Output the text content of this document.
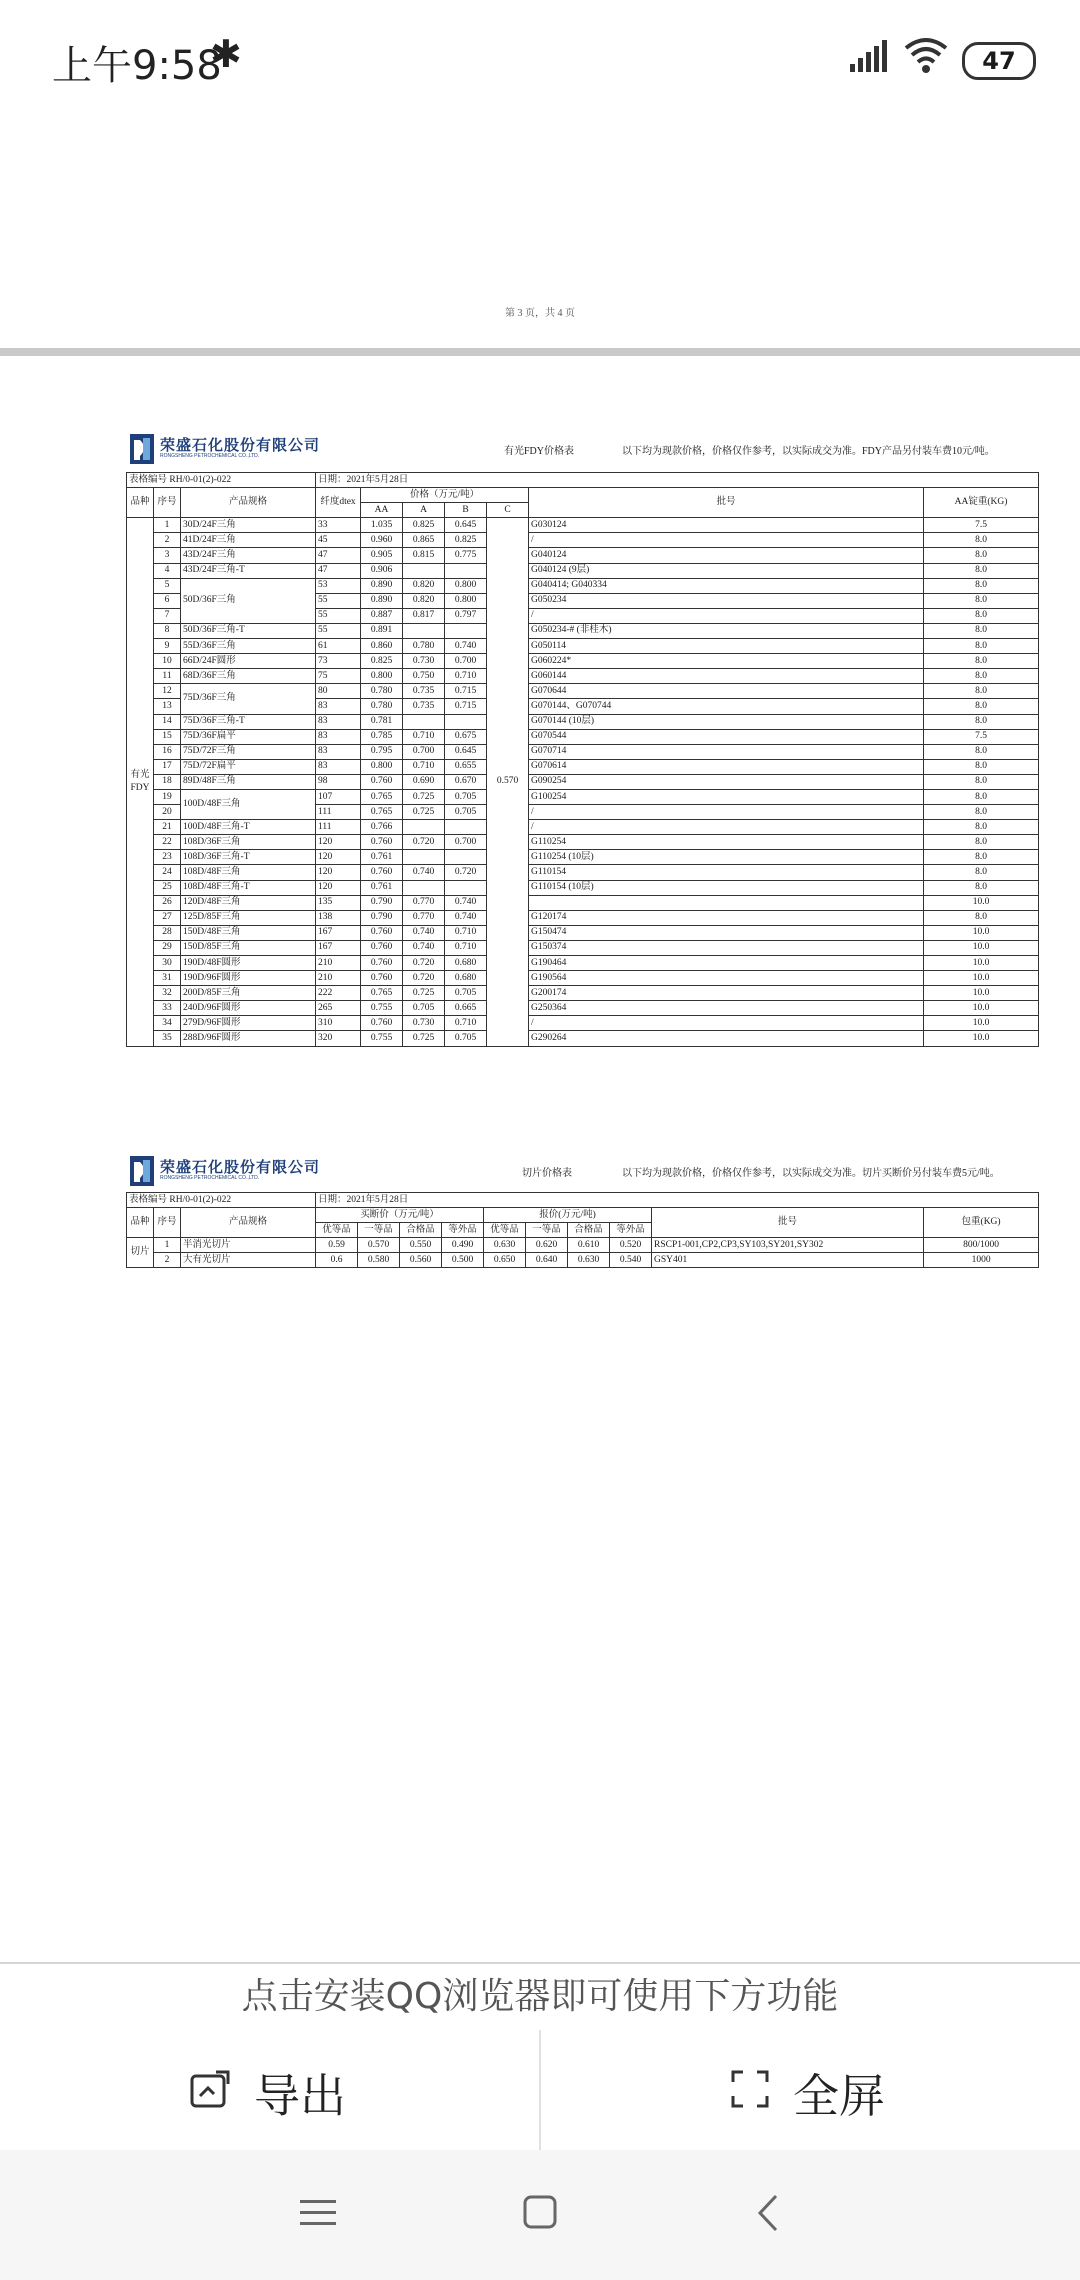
上午9:58
✱	47
第 3 页，共 4 页
荣盛石化股份有限公司
RONGSHENG PETROCHEMICAL CO.,LTD.	有光FDY价格表	以下均为现款价格，价格仅作参考，以实际成交为准。FDY产品另付装车费10元/吨。
表格编号 RH/0-01(2)-022			日期：2021年5月28日						
品种	序号	产品规格	纤度dtex	价格（万元/吨）				批号	AA锭重(KG)
				AA	A	B	C		
有光FDY	1	30D/24F三角	33	1.035	0.825	0.645	0.570	G030124	7.5
	2	41D/24F三角	45	0.960	0.865	0.825		/	8.0
	3	43D/24F三角	47	0.905	0.815	0.775		G040124	8.0
	4	43D/24F三角-T	47	0.906				G040124 (9层)	8.0
	5	50D/36F三角	53	0.890	0.820	0.800		G040414; G040334	8.0
	6		55	0.890	0.820	0.800		G050234	8.0
	7		55	0.887	0.817	0.797		/	8.0
	8	50D/36F三角-T	55	0.891				G050234-# (非桂木)	8.0
	9	55D/36F三角	61	0.860	0.780	0.740		G050114	8.0
	10	66D/24F圆形	73	0.825	0.730	0.700		G060224*	8.0
	11	68D/36F三角	75	0.800	0.750	0.710		G060144	8.0
	12	75D/36F三角	80	0.780	0.735	0.715		G070644	8.0
	13		83	0.780	0.735	0.715		G070144、G070744	8.0
	14	75D/36F三角-T	83	0.781				G070144 (10层)	8.0
	15	75D/36F扁平	83	0.785	0.710	0.675		G070544	7.5
	16	75D/72F三角	83	0.795	0.700	0.645		G070714	8.0
	17	75D/72F扁平	83	0.800	0.710	0.655		G070614	8.0
	18	89D/48F三角	98	0.760	0.690	0.670		G090254	8.0
	19	100D/48F三角	107	0.765	0.725	0.705		G100254	8.0
	20		111	0.765	0.725	0.705		/	8.0
	21	100D/48F三角-T	111	0.766				/	8.0
	22	108D/36F三角	120	0.760	0.720	0.700		G110254	8.0
	23	108D/36F三角-T	120	0.761				G110254 (10层)	8.0
	24	108D/48F三角	120	0.760	0.740	0.720		G110154	8.0
	25	108D/48F三角-T	120	0.761				G110154 (10层)	8.0
	26	120D/48F三角	135	0.790	0.770	0.740			10.0
	27	125D/85F三角	138	0.790	0.770	0.740		G120174	8.0
	28	150D/48F三角	167	0.760	0.740	0.710		G150474	10.0
	29	150D/85F三角	167	0.760	0.740	0.710		G150374	10.0
	30	190D/48F圆形	210	0.760	0.720	0.680		G190464	10.0
	31	190D/96F圆形	210	0.760	0.720	0.680		G190564	10.0
	32	200D/85F三角	222	0.765	0.725	0.705		G200174	10.0
	33	240D/96F圆形	265	0.755	0.705	0.665		G250364	10.0
	34	279D/96F圆形	310	0.760	0.730	0.710		/	10.0
	35	288D/96F圆形	320	0.755	0.725	0.705		G290264	10.0
荣盛石化股份有限公司
RONGSHENG PETROCHEMICAL CO.,LTD.	切片价格表	以下均为现款价格，价格仅作参考，以实际成交为准。切片买断价另付装车费5元/吨。
表格编号 RH/0-01(2)-022			日期：2021年5月28日									
品种	序号	产品规格	买断价（万元/吨）				报价(万元/吨)				批号	包重(KG)
			优等品	一等品	合格品	等外品	优等品	一等品	合格品	等外品		
切片	1	半消光切片	0.59	0.570	0.550	0.490	0.630	0.620	0.610	0.520	RSCP1-001,CP2,CP3,SY103,SY201,SY302	800/1000
	2	大有光切片	0.6	0.580	0.560	0.500	0.650	0.640	0.630	0.540	GSY401	1000
点击安装QQ浏览器即可使用下方功能
导出	全屏
